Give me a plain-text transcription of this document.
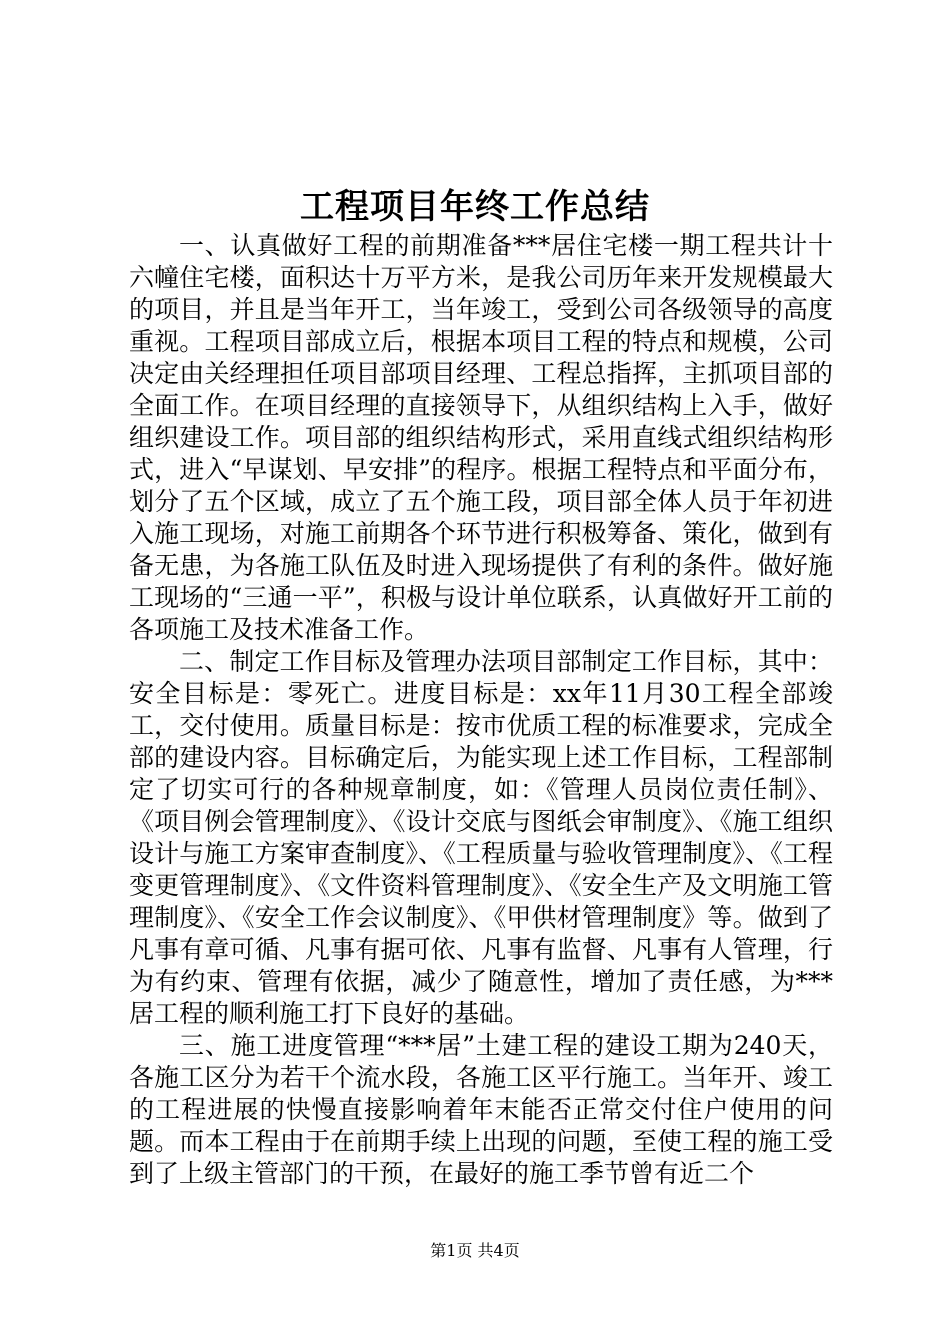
工程项目年终工作总结

一、认真做好工程的前期准备***居住宅楼一期工程共计十六幢住宅楼，面积达十万平方米，是我公司历年来开发规模最大的项目，并且是当年开工，当年竣工，受到公司各级领导的高度重视。工程项目部成立后，根据本项目工程的特点和规模，公司决定由关经理担任项目部项目经理、工程总指挥，主抓项目部的全面工作。在项目经理的直接领导下，从组织结构上入手，做好组织建设工作。项目部的组织结构形式，采用直线式组织结构形式，进入“早谋划、早安排”的程序。根据工程特点和平面分布，划分了五个区域，成立了五个施工段，项目部全体人员于年初进入施工现场，对施工前期各个环节进行积极筹备、策化，做到有备无患，为各施工队伍及时进入现场提供了有利的条件。做好施工现场的“三通一平”，积极与设计单位联系，认真做好开工前的各项施工及技术准备工作。

二、制定工作目标及管理办法项目部制定工作目标，其中：安全目标是：零死亡。进度目标是：xx年11月30工程全部竣工，交付使用。质量目标是：按市优质工程的标准要求，完成全部的建设内容。目标确定后，为能实现上述工作目标，工程部制定了切实可行的各种规章制度，如：《管理人员岗位责任制》、《项目例会管理制度》、《设计交底与图纸会审制度》、《施工组织设计与施工方案审查制度》、《工程质量与验收管理制度》、《工程变更管理制度》、《文件资料管理制度》、《安全生产及文明施工管理制度》、《安全工作会议制度》、《甲供材管理制度》等。做到了凡事有章可循、凡事有据可依、凡事有监督、凡事有人管理，行为有约束、管理有依据，减少了随意性，增加了责任感，为***居工程的顺利施工打下良好的基础。

三、施工进度管理“***居”土建工程的建设工期为240天，各施工区分为若干个流水段，各施工区平行施工。当年开、竣工的工程进展的快慢直接影响着年末能否正常交付住户使用的问题。而本工程由于在前期手续上出现的问题，至使工程的施工受到了上级主管部门的干预，在最好的施工季节曾有近二个

第1页 共4页
